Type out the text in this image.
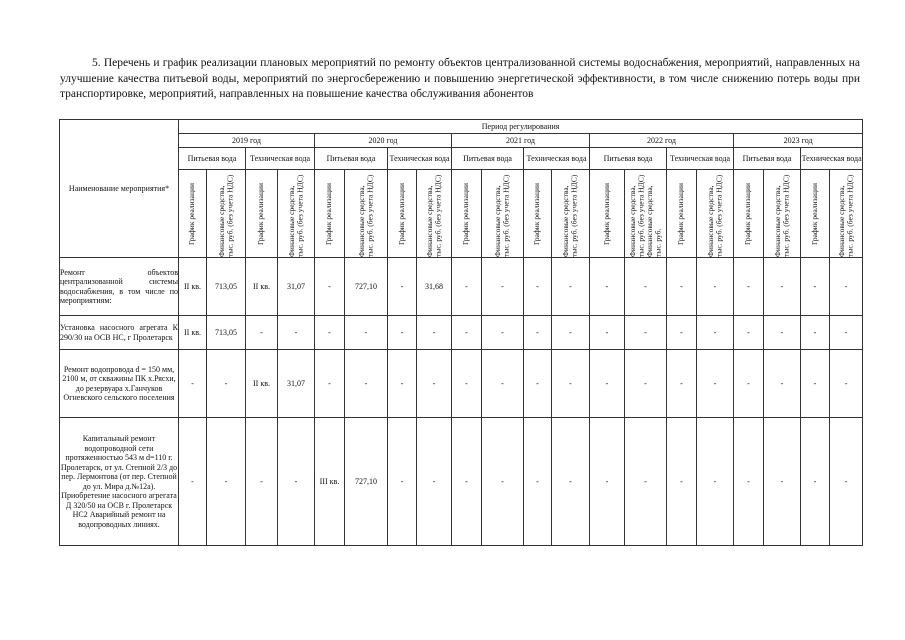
5. Перечень и график реализации плановых мероприятий по ремонту объектов централизованной системы водоснабжения, мероприятий, направленных на улучшение качества питьевой воды, мероприятий по энергосбережению и повышению энергетической эффективности, в том числе снижению потерь воды при транспортировке, мероприятий, направленных на повышение качества обслуживания абонентов

Наименование мероприятия*	Период регулирования																			
	2019 год				2020 год				2021 год				2022 год				2023 год			
	Питьевая вода		Техническая вода		Питьевая вода		Техническая вода		Питьевая вода		Техническая вода		Питьевая вода		Техническая вода		Питьевая вода		Техническая вода	

	График реализации	Финансовые средства, тыс. руб. (без учета НДС)	График реализации	Финансовые средства, тыс. руб. (без учета НДС)	График реализации	Финансовые средства, тыс. руб. (без учета НДС)	График реализации	Финансовые средства, тыс. руб. (без учета НДС)	График реализации	Финансовые средства, тыс. руб. (без учета НДС)	График реализации	Финансовые средства, тыс. руб. (без учета НДС)	График реализации	Финансовые средства, тыс. руб. (без учета НДС) Финансовые средства, тыс. руб.	График реализации	Финансовые средства, тыс. руб. (без учета НДС)	График реализации	Финансовые средства, тыс. руб. (без учета НДС)	График реализации	Финансовые средства, тыс. руб. (без учета НДС)

Ремонт объектов централизованной системы водоснабжения, в том числе по мероприятиям:	II кв.	713,05	II кв.	31,07	-	727,10	-	31,68	-	-	-	-	-	-	-	-	-	-	-	-
Установка насосного агрегата К 290/30 на ОСВ НС, г Пролетарск	II кв.	713,05	-	-	-	-	-	-	-	-	-	-	-	-	-	-	-	-	-	-
Ремонт водопровода d = 150 мм, 2100 м, от скважины ПК х.Рясхи, до резервуара х.Ганчуков Огневского сельского поселения	-	-	II кв.	31,07	-	-	-	-	-	-	-	-	-	-	-	-	-	-	-	-
Капитальный ремонт водопроводной сети протяженностью 543 м d=110 г. Пролетарск, от ул. Степной 2/3 до пер. Лермонтова (от пер. Степной до ул. Мира д.№12а). Приобретение насосного агрегата Д 320/50 на ОСВ г. Пролетарск НС2 Аварийный ремонт на водопроводных линиях.	-	-	-	-	III кв.	727,10	-	-	-	-	-	-	-	-	-	-	-	-	-	-
